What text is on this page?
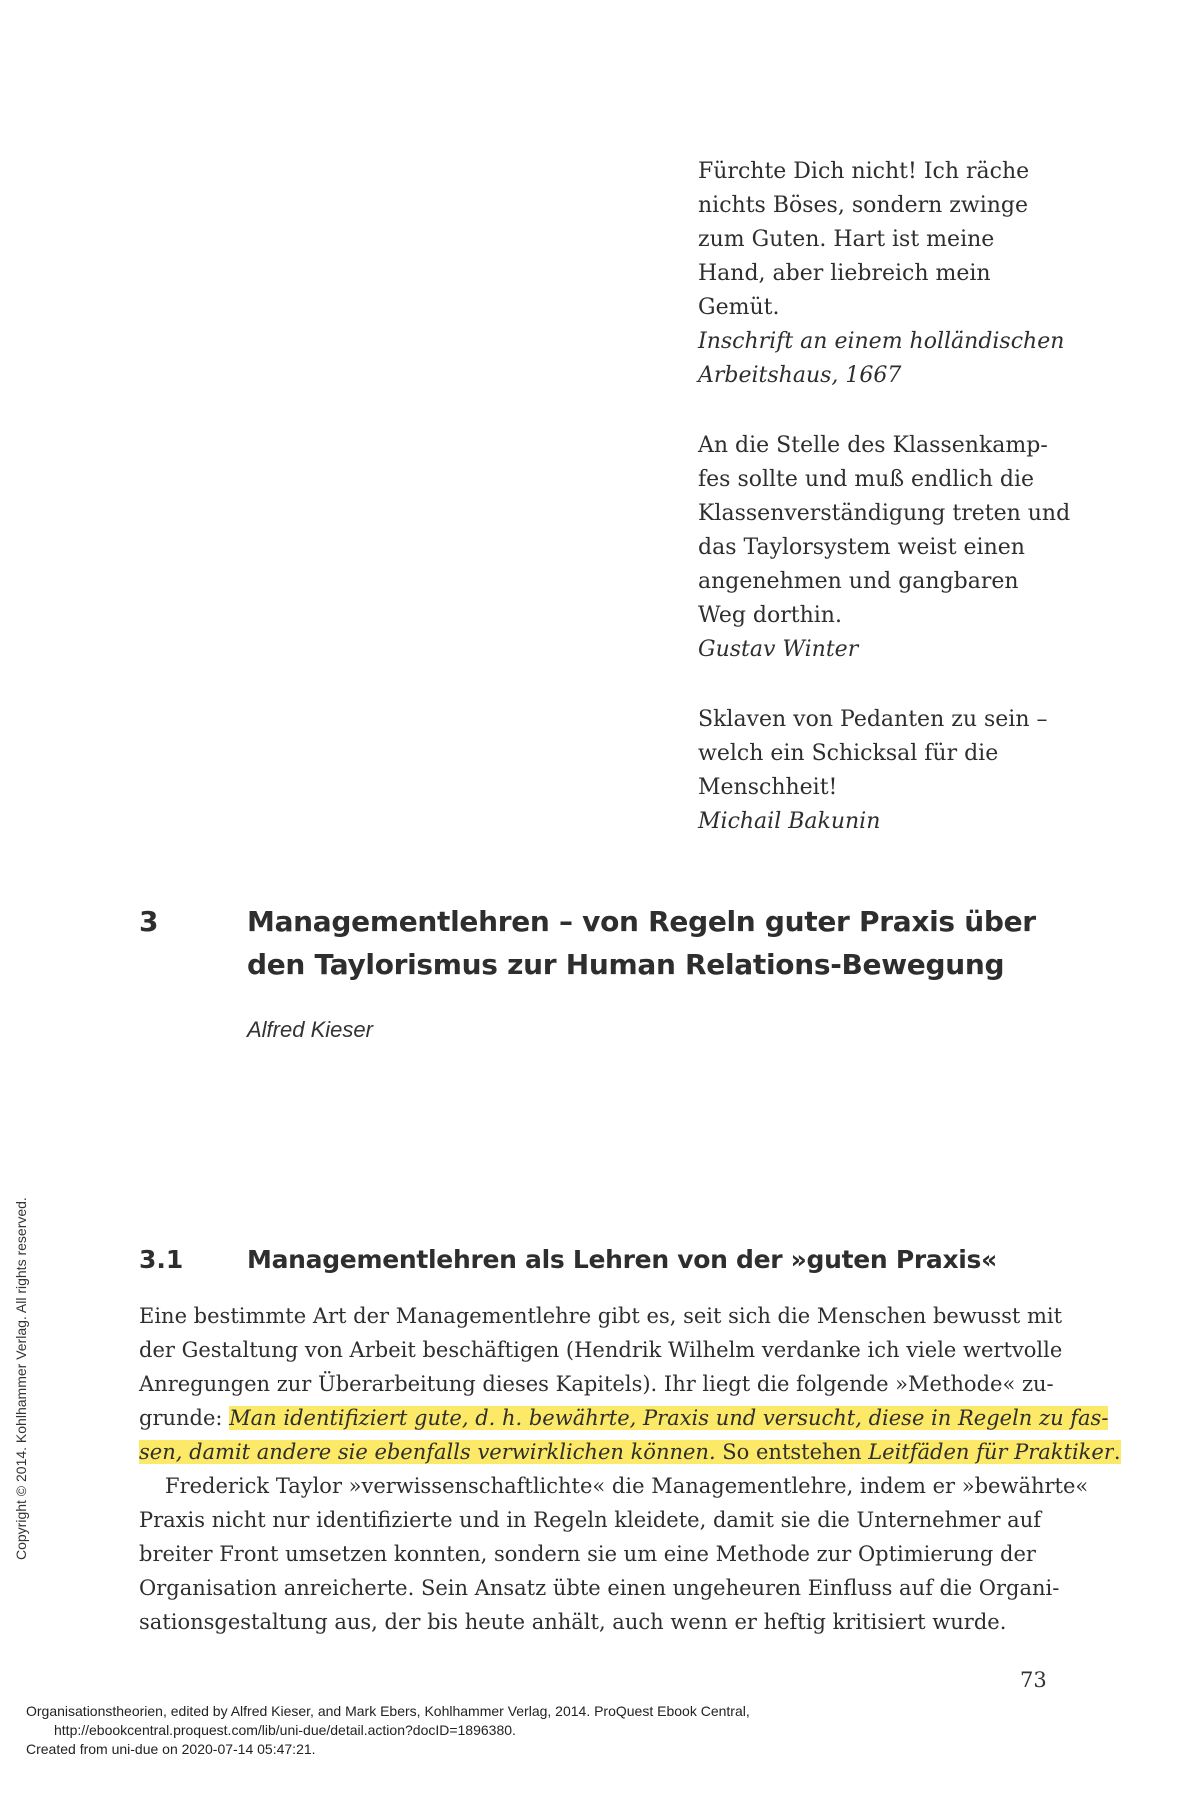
Fürchte Dich nicht! Ich räche
nichts Böses, sondern zwinge
zum Guten. Hart ist meine
Hand, aber liebreich mein
Gemüt.
Inschrift an einem holländischen
Arbeitshaus, 1667
An die Stelle des Klassenkamp-
fes sollte und muß endlich die
Klassenverständigung treten und
das Taylorsystem weist einen
angenehmen und gangbaren
Weg dorthin.
Gustav Winter
Sklaven von Pedanten zu sein –
welch ein Schicksal für die
Menschheit!
Michail Bakunin
3	Managementlehren – von Regeln guter Praxis über
den Taylorismus zur Human Relations-Bewegung
Alfred Kieser
3.1	Managementlehren als Lehren von der »guten Praxis«
Eine bestimmte Art der Managementlehre gibt es, seit sich die Menschen bewusst mit
der Gestaltung von Arbeit beschäftigen (Hendrik Wilhelm verdanke ich viele wertvolle
Anregungen zur Überarbeitung dieses Kapitels). Ihr liegt die folgende »Methode« zu-
grunde: Man identifiziert gute, d. h. bewährte, Praxis und versucht, diese in Regeln zu fas-
sen, damit andere sie ebenfalls verwirklichen können. So entstehen Leitfäden für Praktiker.
Frederick Taylor »verwissenschaftlichte« die Managementlehre, indem er »bewährte«
Praxis nicht nur identifizierte und in Regeln kleidete, damit sie die Unternehmer auf
breiter Front umsetzen konnten, sondern sie um eine Methode zur Optimierung der
Organisation anreicherte. Sein Ansatz übte einen ungeheuren Einfluss auf die Organi-
sationsgestaltung aus, der bis heute anhält, auch wenn er heftig kritisiert wurde.
73
Copyright © 2014. Kohlhammer Verlag. All rights reserved.
Organisationstheorien, edited by Alfred Kieser, and Mark Ebers, Kohlhammer Verlag, 2014. ProQuest Ebook Central,
http://ebookcentral.proquest.com/lib/uni-due/detail.action?docID=1896380.
Created from uni-due on 2020-07-14 05:47:21.
